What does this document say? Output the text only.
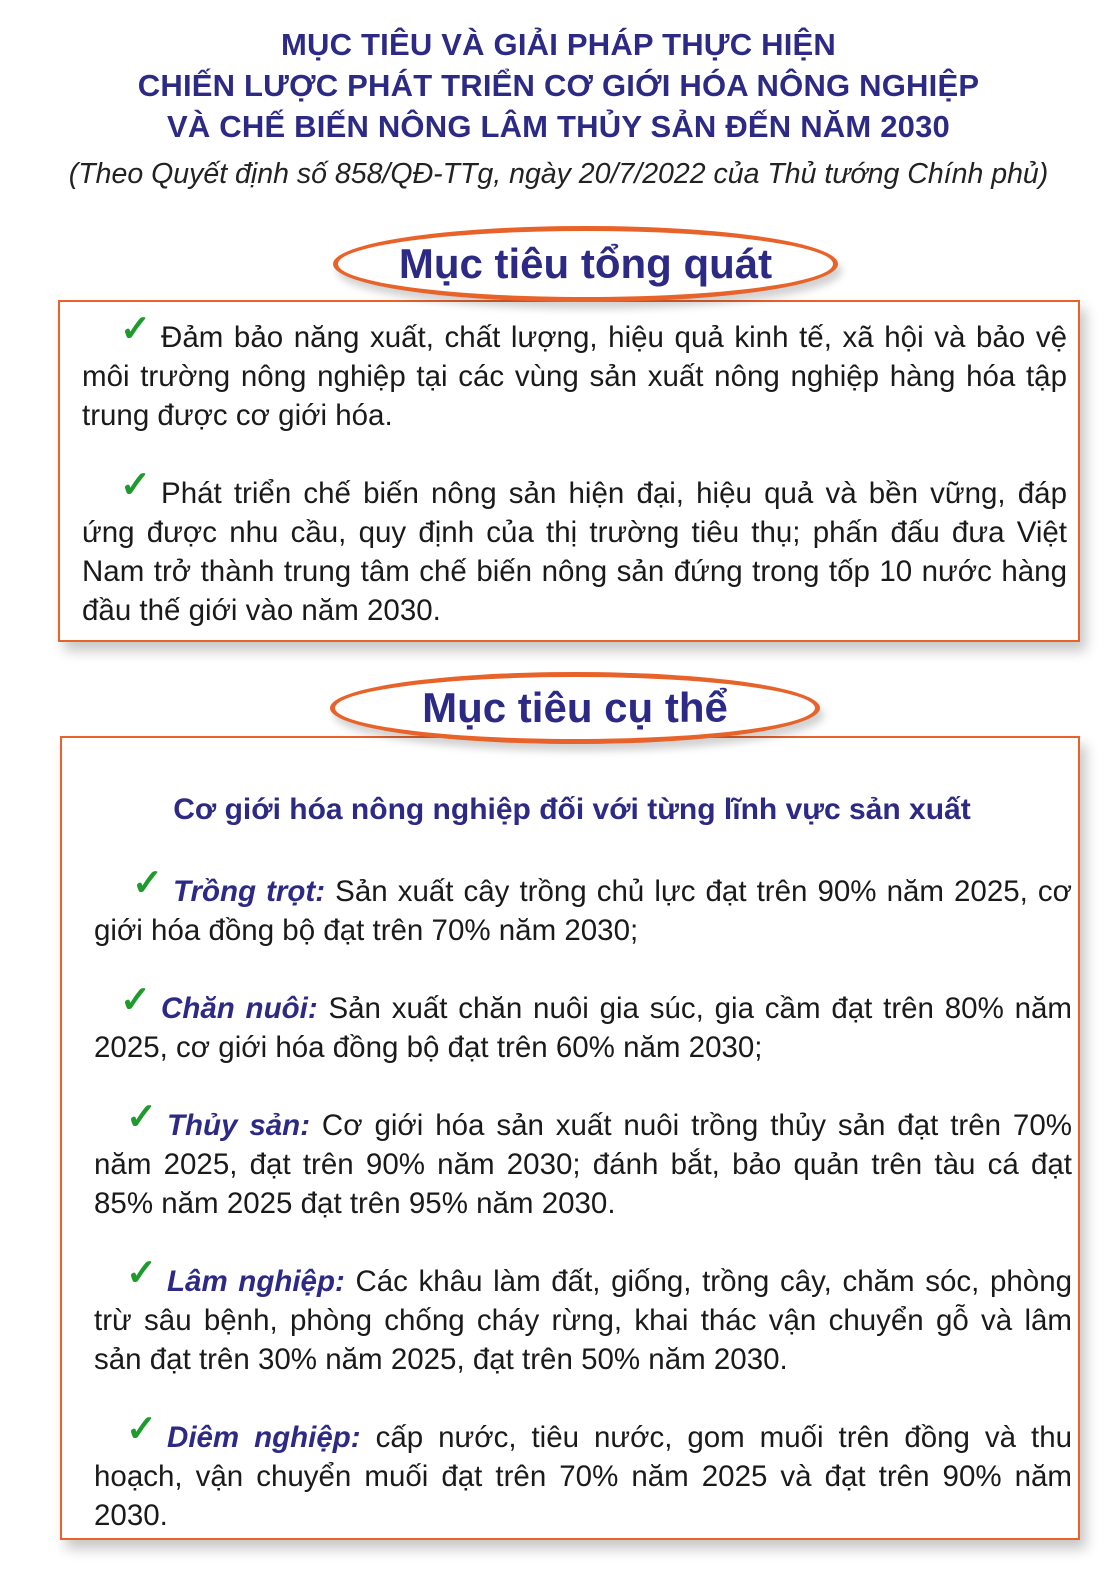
MỤC TIÊU VÀ GIẢI PHÁP THỰC HIỆN
CHIẾN LƯỢC PHÁT TRIỂN CƠ GIỚI HÓA NÔNG NGHIỆP
VÀ CHẾ BIẾN NÔNG LÂM THỦY SẢN ĐẾN NĂM 2030
(Theo Quyết định số 858/QĐ-TTg, ngày 20/7/2022 của Thủ tướng Chính phủ)

✓ Đảm bảo năng xuất, chất lượng, hiệu quả kinh tế, xã hội và bảo vệ môi trường nông nghiệp tại các vùng sản xuất nông nghiệp hàng hóa tập trung được cơ giới hóa.

✓ Phát triển chế biến nông sản hiện đại, hiệu quả và bền vững, đáp ứng được nhu cầu, quy định của thị trường tiêu thụ; phấn đấu đưa Việt Nam trở thành trung tâm chế biến nông sản đứng trong tốp 10 nước hàng đầu thế giới vào năm 2030.

Mục tiêu tổng quát
Cơ giới hóa nông nghiệp đối với từng lĩnh vực sản xuất

✓ Trồng trọt: Sản xuất cây trồng chủ lực đạt trên 90% năm 2025, cơ giới hóa đồng bộ đạt trên 70% năm 2030;

✓ Chăn nuôi: Sản xuất chăn nuôi gia súc, gia cầm đạt trên 80% năm 2025, cơ giới hóa đồng bộ đạt trên 60% năm 2030;

✓ Thủy sản: Cơ giới hóa sản xuất nuôi trồng thủy sản đạt trên 70% năm 2025, đạt trên 90% năm 2030; đánh bắt, bảo quản trên tàu cá đạt 85% năm 2025 đạt trên 95% năm 2030.

✓ Lâm nghiệp: Các khâu làm đất, giống, trồng cây, chăm sóc, phòng trừ sâu bệnh, phòng chống cháy rừng, khai thác vận chuyển gỗ và lâm sản đạt trên 30% năm 2025, đạt trên 50% năm 2030.

✓ Diêm nghiệp: cấp nước, tiêu nước, gom muối trên đồng và thu hoạch, vận chuyển muối đạt trên 70% năm 2025 và đạt trên 90% năm 2030.

Mục tiêu cụ thể
